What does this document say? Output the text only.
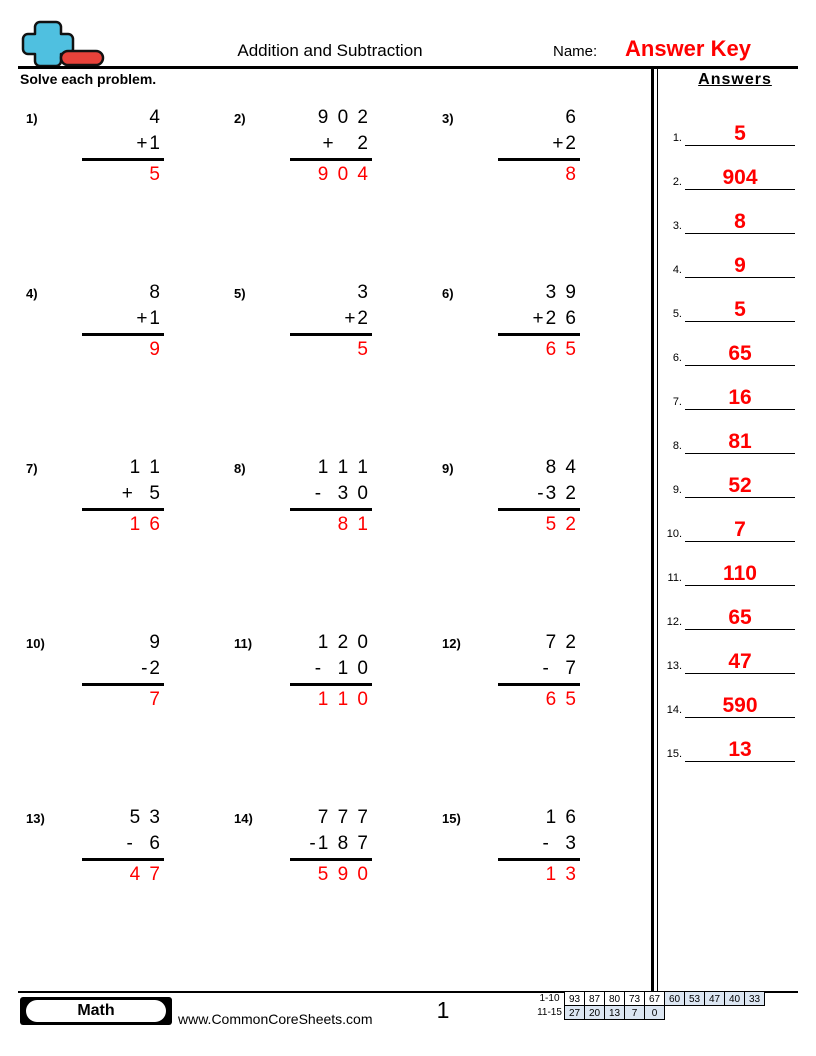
Addition and Subtraction	Name: Answer Key
Solve each problem.
1)	4
+1
5
2)	9 0 2
+   2
9 0 4
3)	6
+2
8
4)	8
+1
9
5)	3
+2
5
6)	3 9
+2 6
6 5
7)	1 1
+  5
1 6
8)	1 1 1
-  3 0
8 1
9)	8 4
-3 2
5 2
10)	9
-2
7
11)	1 2 0
-  1 0
1 1 0
12)	7 2
-  7
6 5
13)	5 3
-  6
4 7
14)	7 7 7
-1 8 7
5 9 0
15)	1 6
-  3
1 3
Answers
1.	5
2.	904
3.	8
4.	9
5.	5
6.	65
7.	16
8.	81
9.	52
10.	7
11.	110
12.	65
13.	47
14.	590
15.	13
Math	www.CommonCoreSheets.com	1	1-10 93 87 80 73 67 60 53 47 40 33
11-15 27 20 13	7	0
